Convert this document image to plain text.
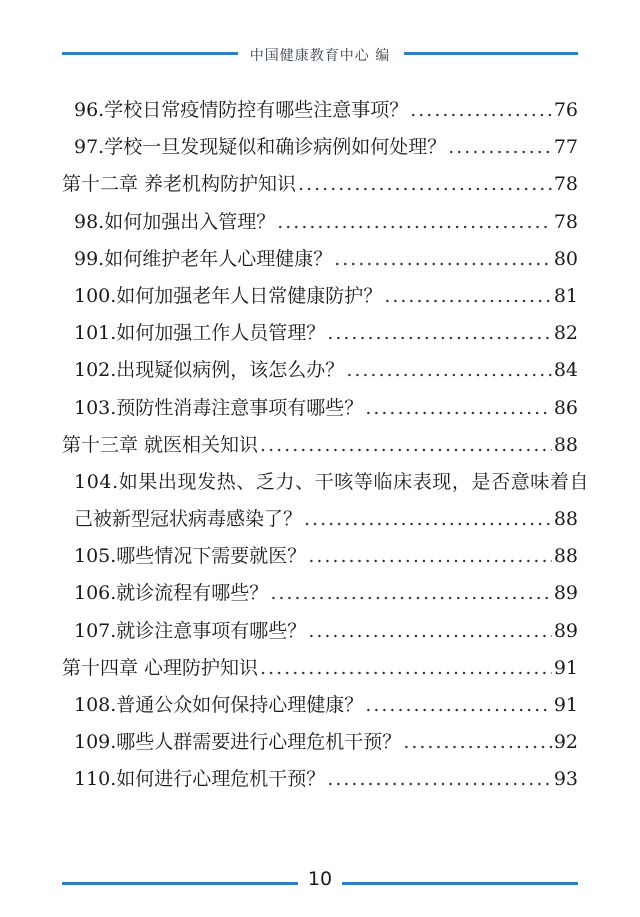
中国健康教育中心 编
96.学校日常疫情防控有哪些注意事项？ .....	76
97.学校一旦发现疑似和确诊病例如何处理？ .....	77
第十二章 养老机构防护知识 .....	78
98.如何加强出入管理？ .....	78
99.如何维护老年人心理健康？ .....	80
100.如何加强老年人日常健康防护？ .....	81
101.如何加强工作人员管理？ .....	82
102.出现疑似病例，该怎么办？ .....	84
103.预防性消毒注意事项有哪些？ .....	86
第十三章 就医相关知识 .....	88
104.如果出现发热、乏力、干咳等临床表现，是否意味着自
己被新型冠状病毒感染了？ .....	88
105.哪些情况下需要就医？ .....	88
106.就诊流程有哪些？ .....	89
107.就诊注意事项有哪些？ .....	89
第十四章 心理防护知识 .....	91
108.普通公众如何保持心理健康？ .....	91
109.哪些人群需要进行心理危机干预？ .....	92
110.如何进行心理危机干预？ .....	93
10
